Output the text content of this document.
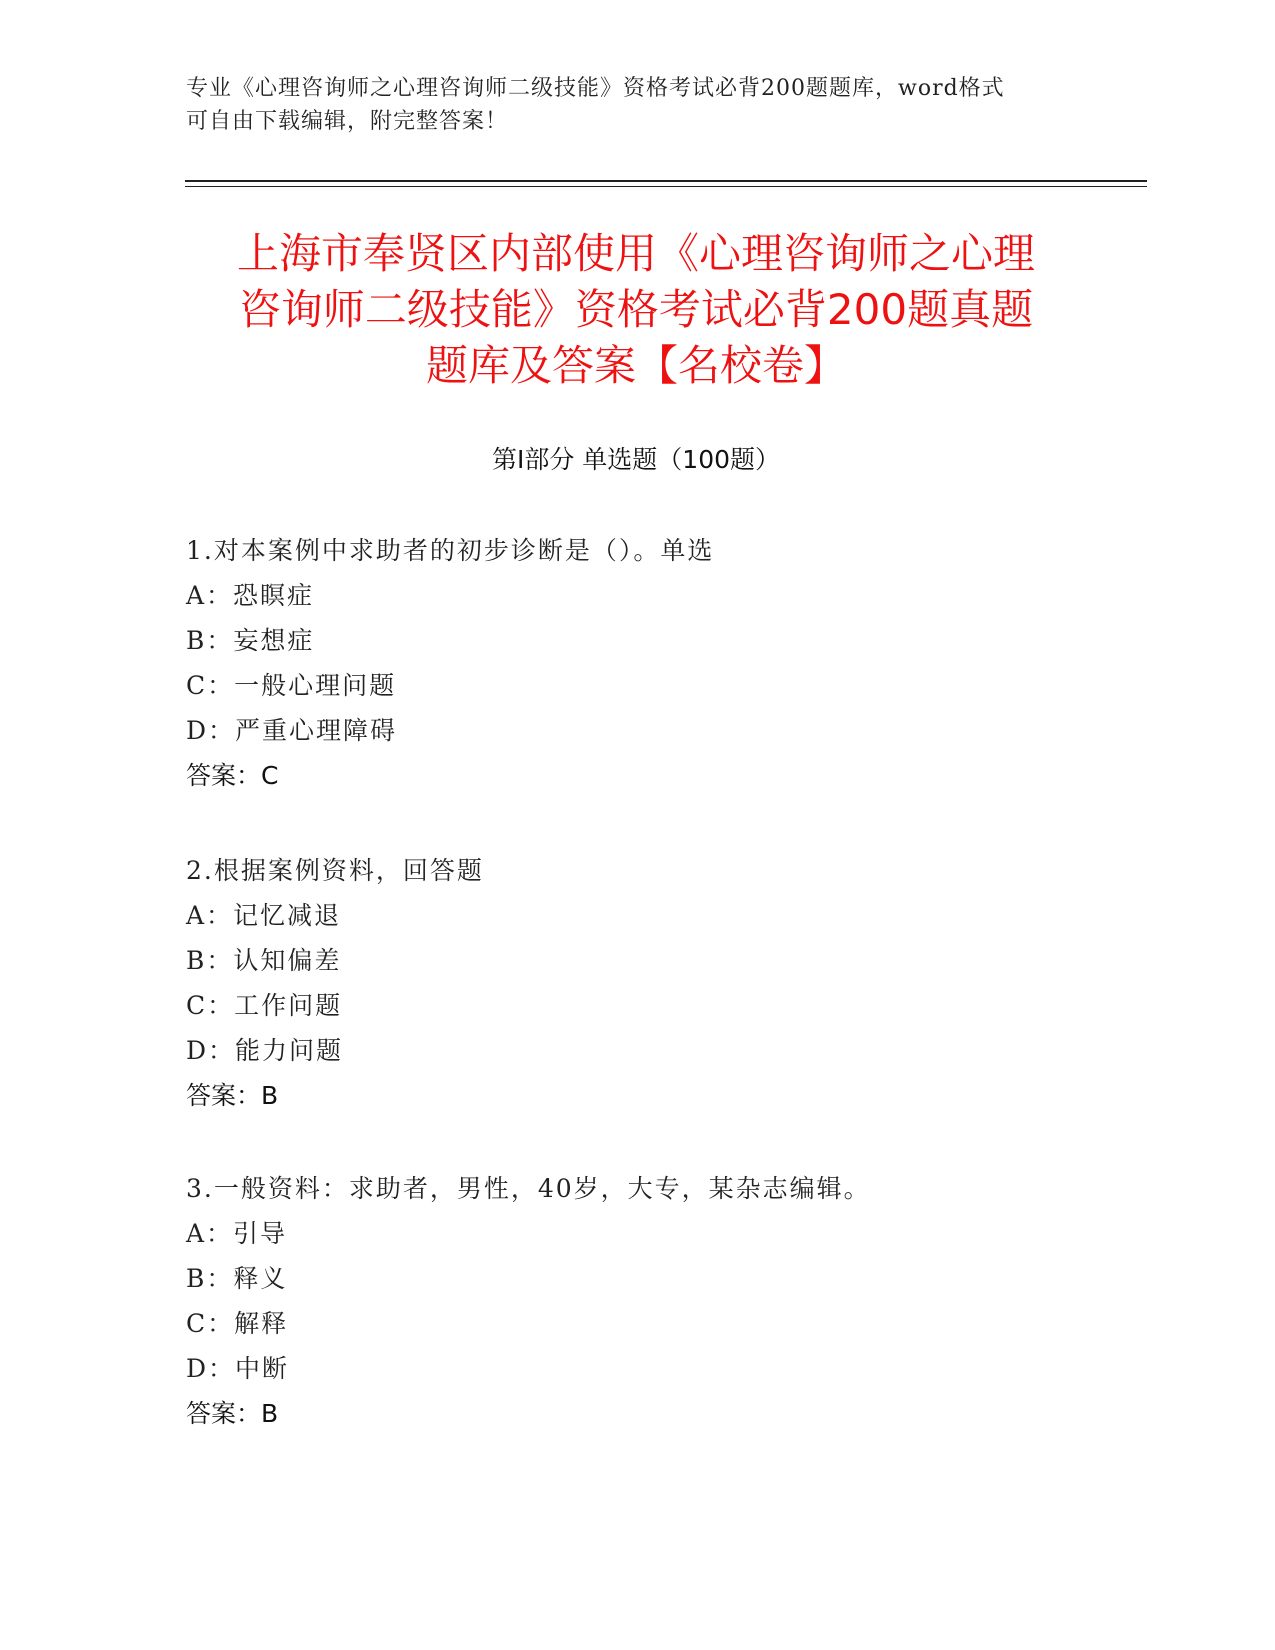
专业《心理咨询师之心理咨询师二级技能》资格考试必背200题题库，word格式
可自由下载编辑，附完整答案！
上海市奉贤区内部使用《心理咨询师之心理
咨询师二级技能》资格考试必背200题真题
题库及答案【名校卷】
第Ⅰ部分 单选题（100题）
1.对本案例中求助者的初步诊断是（）。单选
A：恐瞑症
B：妄想症
C：一般心理问题
D：严重心理障碍
答案：C
2.根据案例资料，回答题
A：记忆减退
B：认知偏差
C：工作问题
D：能力问题
答案：B
3.一般资料：求助者，男性，40岁，大专，某杂志编辑。
A：引导
B：释义
C：解释
D：中断
答案：B
